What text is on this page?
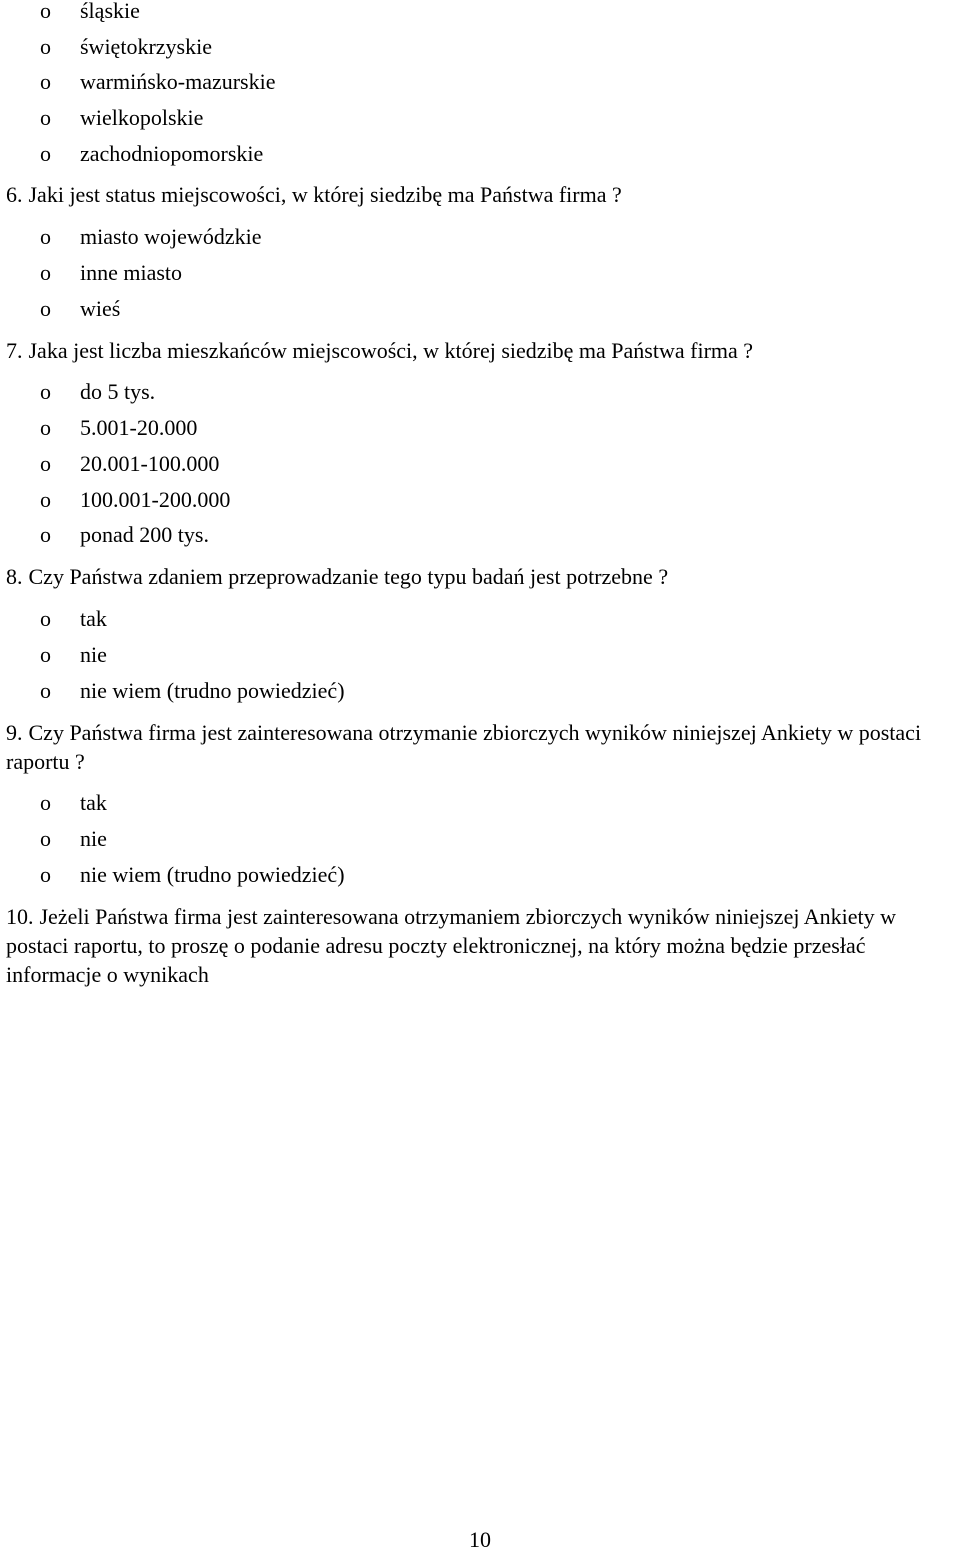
o śląskie
o świętokrzyskie
o warmińsko-mazurskie
o wielkopolskie
o zachodniopomorskie
6. Jaki jest status miejscowości, w której siedzibę ma Państwa firma ?
o miasto wojewódzkie
o inne miasto
o wieś
7. Jaka jest liczba mieszkańców miejscowości, w której siedzibę ma Państwa firma ?
o do 5 tys.
o 5.001-20.000
o 20.001-100.000
o 100.001-200.000
o ponad 200 tys.
8. Czy Państwa zdaniem przeprowadzanie tego typu badań jest potrzebne ?
o tak
o nie
o nie wiem (trudno powiedzieć)
9. Czy Państwa firma jest zainteresowana otrzymanie zbiorczych wyników niniejszej Ankiety w postaci raportu ?
o tak
o nie
o nie wiem (trudno powiedzieć)
10. Jeżeli Państwa firma jest zainteresowana otrzymaniem zbiorczych wyników niniejszej Ankiety w postaci raportu, to proszę o podanie adresu poczty elektronicznej, na który można będzie przesłać informacje o wynikach
10
